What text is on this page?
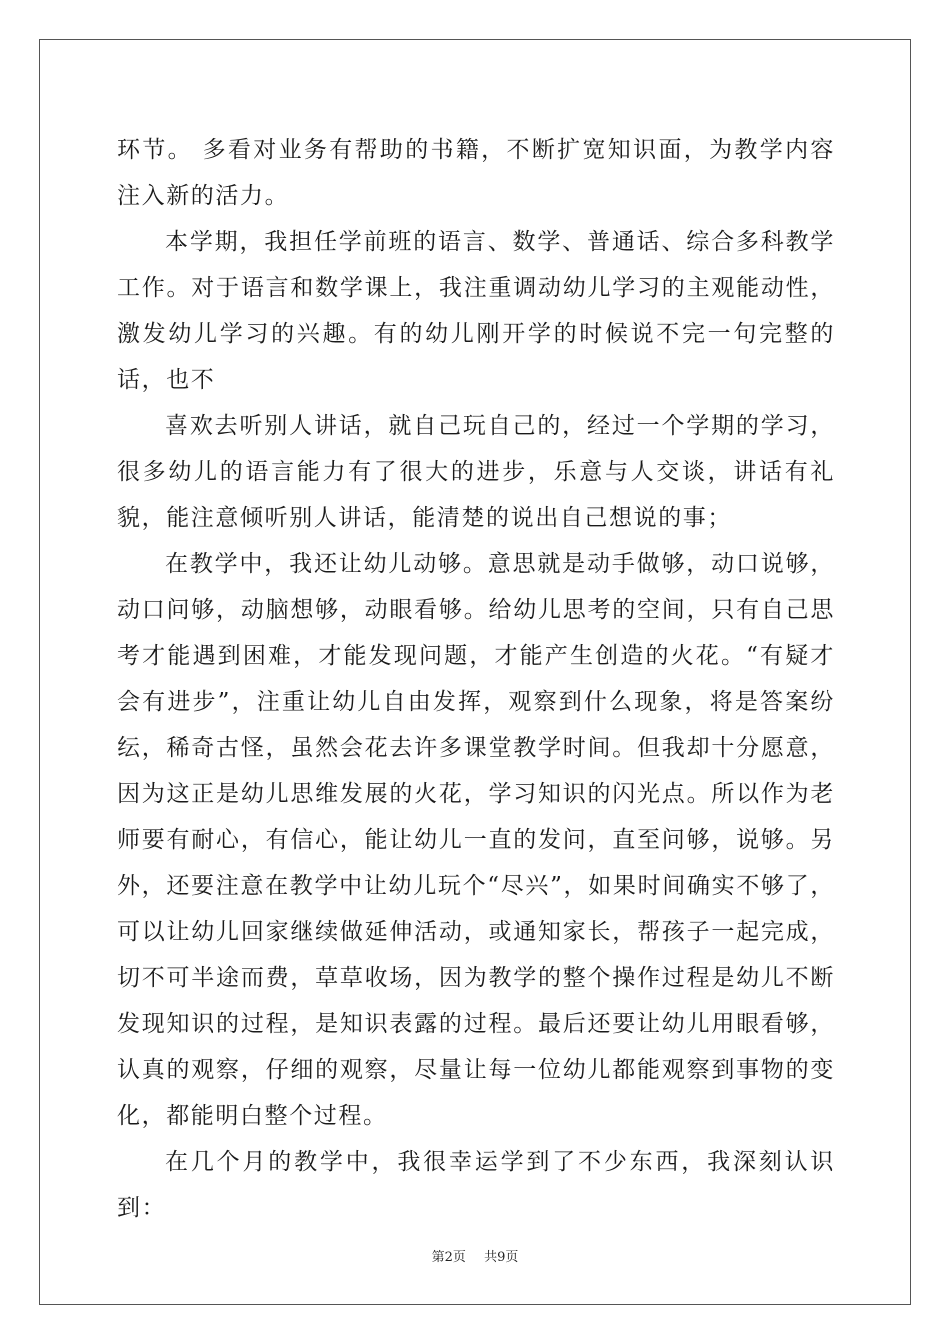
环节。 多看对业务有帮助的书籍，不断扩宽知识面，为教学内容注入新的活力。

本学期，我担任学前班的语言、数学、普通话、综合多科教学工作。对于语言和数学课上，我注重调动幼儿学习的主观能动性，激发幼儿学习的兴趣。有的幼儿刚开学的时候说不完一句完整的话，也不

喜欢去听别人讲话，就自己玩自己的，经过一个学期的学习，很多幼儿的语言能力有了很大的进步，乐意与人交谈，讲话有礼貌，能注意倾听别人讲话，能清楚的说出自己想说的事；

在教学中，我还让幼儿动够。意思就是动手做够，动口说够，动口问够，动脑想够，动眼看够。给幼儿思考的空间，只有自己思考才能遇到困难，才能发现问题，才能产生创造的火花。“有疑才会有进步”，注重让幼儿自由发挥，观察到什么现象，将是答案纷纭，稀奇古怪，虽然会花去许多课堂教学时间。但我却十分愿意，因为这正是幼儿思维发展的火花，学习知识的闪光点。所以作为老师要有耐心，有信心，能让幼儿一直的发问，直至问够，说够。另外，还要注意在教学中让幼儿玩个“尽兴”，如果时间确实不够了，可以让幼儿回家继续做延伸活动，或通知家长，帮孩子一起完成，切不可半途而费，草草收场，因为教学的整个操作过程是幼儿不断发现知识的过程，是知识表露的过程。最后还要让幼儿用眼看够，认真的观察，仔细的观察，尽量让每一位幼儿都能观察到事物的变化，都能明白整个过程。

在几个月的教学中，我很幸运学到了不少东西，我深刻认识到：

第2页 共9页
